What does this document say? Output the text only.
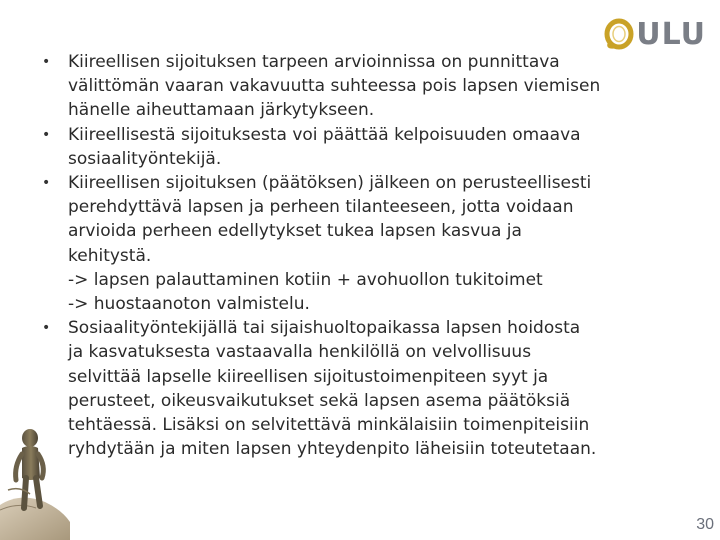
ULU
•	Kiireellisen sijoituksen tarpeen arvioinnissa on punnittava
välittömän vaaran vakavuutta suhteessa pois lapsen viemisen
hänelle aiheuttamaan järkytykseen.
•	Kiireellisestä sijoituksesta voi päättää kelpoisuuden omaava
sosiaalityöntekijä.
•	Kiireellisen sijoituksen (päätöksen) jälkeen on perusteellisesti
perehdyttävä lapsen ja perheen tilanteeseen, jotta voidaan
arvioida perheen edellytykset tukea lapsen kasvua ja
kehitystä.
-> lapsen palauttaminen kotiin + avohuollon tukitoimet
-> huostaanoton valmistelu.
•	Sosiaalityöntekijällä tai sijaishuoltopaikassa lapsen hoidosta
ja kasvatuksesta vastaavalla henkilöllä on velvollisuus
selvittää lapselle kiireellisen sijoitustoimenpiteen syyt ja
perusteet, oikeusvaikutukset sekä lapsen asema päätöksiä
tehtäessä. Lisäksi on selvitettävä minkälaisiin toimenpiteisiin
ryhdytään ja miten lapsen yhteydenpito läheisiin toteutetaan.
30
